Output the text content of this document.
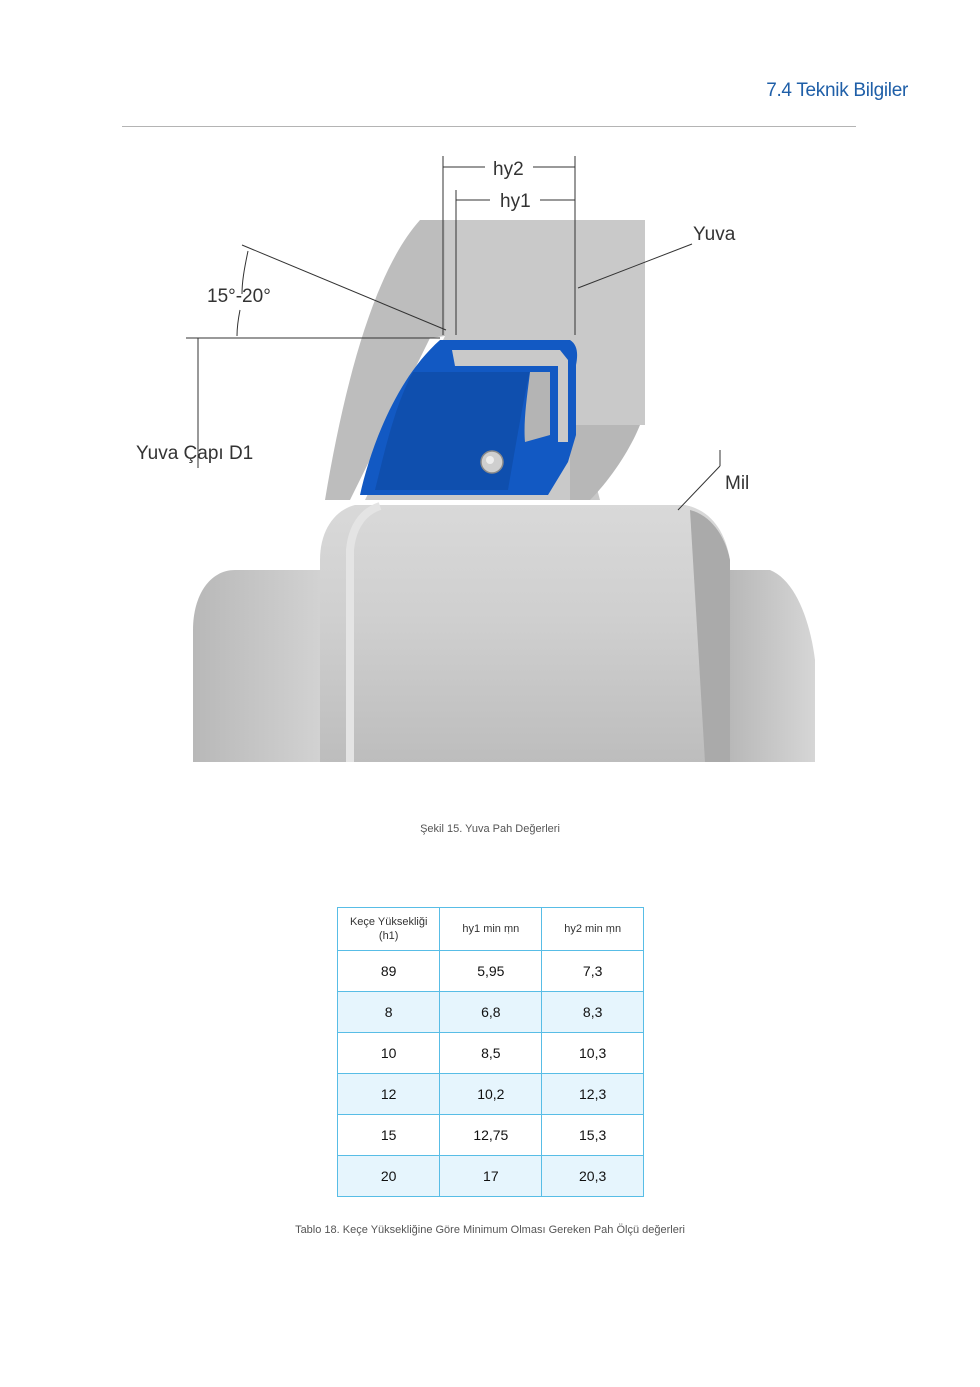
7.4 Teknik Bilgiler
hy2
hy1
Yuva
15°-20°
Yuva Çapı D1
Mil
Şekil 15. Yuva Pah Değerleri
Keçe Yüksekliği (h1)	hy1 min ṃn	hy2 min ṃn
89	5,95	7,3
8	6,8	8,3
10	8,5	10,3
12	10,2	12,3
15	12,75	15,3
20	17	20,3
Tablo 18. Keçe Yüksekliğine Göre Minimum Olması Gereken Pah Ölçü değerleri
